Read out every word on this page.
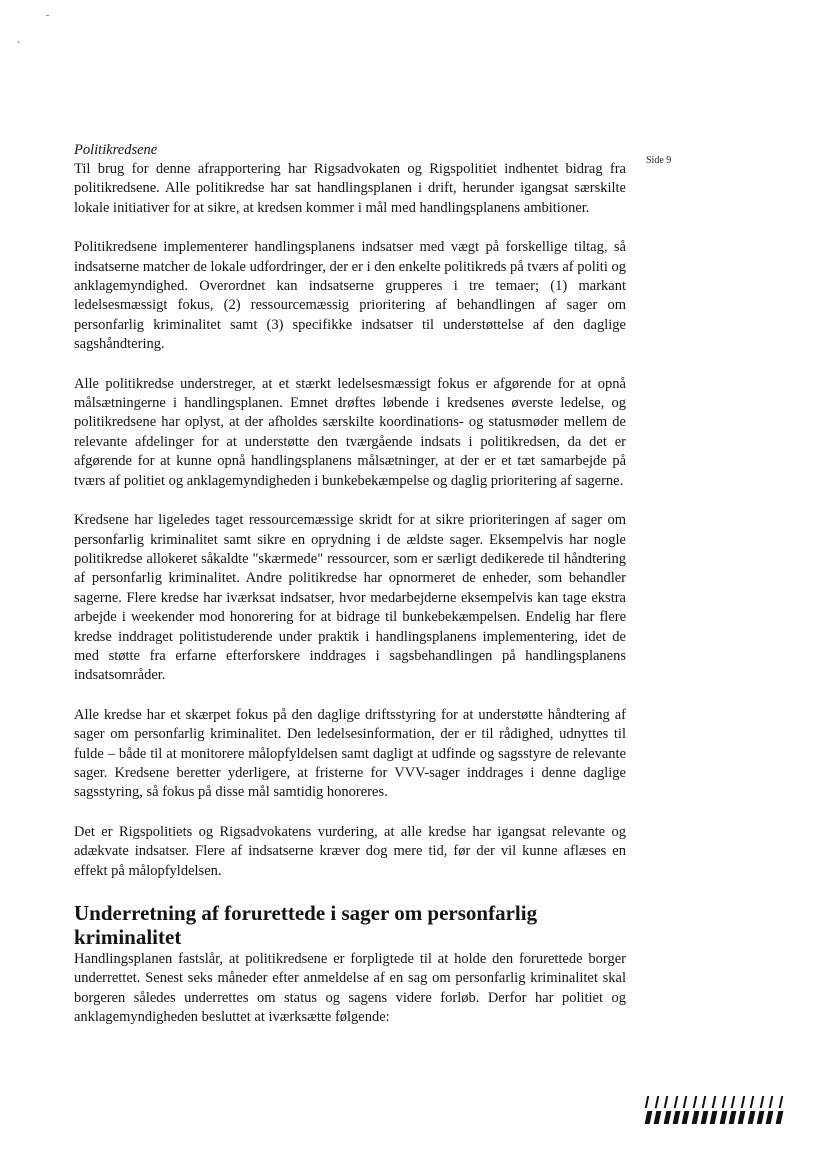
-
'
Side 9

Politikredsene

Til brug for denne afrapportering har Rigsadvokaten og Rigspolitiet indhentet bidrag fra politikredsene. Alle politikredse har sat handlingsplanen i drift, herunder igangsat særskilte lokale initiativer for at sikre, at kredsen kommer i mål med handlingsplanens ambitioner.

Politikredsene implementerer handlingsplanens indsatser med vægt på forskellige tiltag, så indsatserne matcher de lokale udfordringer, der er i den enkelte politikreds på tværs af politi og anklagemyndighed. Overordnet kan indsatserne grupperes i tre temaer; (1) markant ledelsesmæssigt fokus, (2) ressourcemæssig prioritering af behandlingen af sager om personfarlig kriminalitet samt (3) specifikke indsatser til understøttelse af den daglige sagshåndtering.

Alle politikredse understreger, at et stærkt ledelsesmæssigt fokus er afgørende for at opnå målsætningerne i handlingsplanen. Emnet drøftes løbende i kredsenes øverste ledelse, og politikredsene har oplyst, at der afholdes særskilte koordinations- og statusmøder mellem de relevante afdelinger for at understøtte den tværgående indsats i politikredsen, da det er afgørende for at kunne opnå handlingsplanens målsætninger, at der er et tæt samarbejde på tværs af politiet og anklagemyndigheden i bunkebekæmpelse og daglig prioritering af sagerne.

Kredsene har ligeledes taget ressourcemæssige skridt for at sikre prioriteringen af sager om personfarlig kriminalitet samt sikre en oprydning i de ældste sager. Eksempelvis har nogle politikredse allokeret såkaldte "skærmede" ressourcer, som er særligt dedikerede til håndtering af personfarlig kriminalitet. Andre politikredse har opnormeret de enheder, som behandler sagerne. Flere kredse har iværksat indsatser, hvor medarbejderne eksempelvis kan tage ekstra arbejde i weekender mod honorering for at bidrage til bunkebekæmpelsen. Endelig har flere kredse inddraget politistuderende under praktik i handlingsplanens implementering, idet de med støtte fra erfarne efterforskere inddrages i sagsbehandlingen på handlingsplanens indsatsområder.

Alle kredse har et skærpet fokus på den daglige driftsstyring for at understøtte håndtering af sager om personfarlig kriminalitet. Den ledelsesinformation, der er til rådighed, udnyttes til fulde – både til at monitorere målopfyldelsen samt dagligt at udfinde og sagsstyre de relevante sager. Kredsene beretter yderligere, at fristerne for VVV-sager inddrages i denne daglige sagsstyring, så fokus på disse mål samtidig honoreres.

Det er Rigspolitiets og Rigsadvokatens vurdering, at alle kredse har igangsat relevante og adækvate indsatser. Flere af indsatserne kræver dog mere tid, før der vil kunne aflæses en effekt på målopfyldelsen.

Underretning af forurettede i sager om personfarlig kriminalitet

Handlingsplanen fastslår, at politikredsene er forpligtede til at holde den forurettede borger underrettet. Senest seks måneder efter anmeldelse af en sag om personfarlig kriminalitet skal borgeren således underrettes om status og sagens videre forløb. Derfor har politiet og anklagemyndigheden besluttet at iværksætte følgende:
